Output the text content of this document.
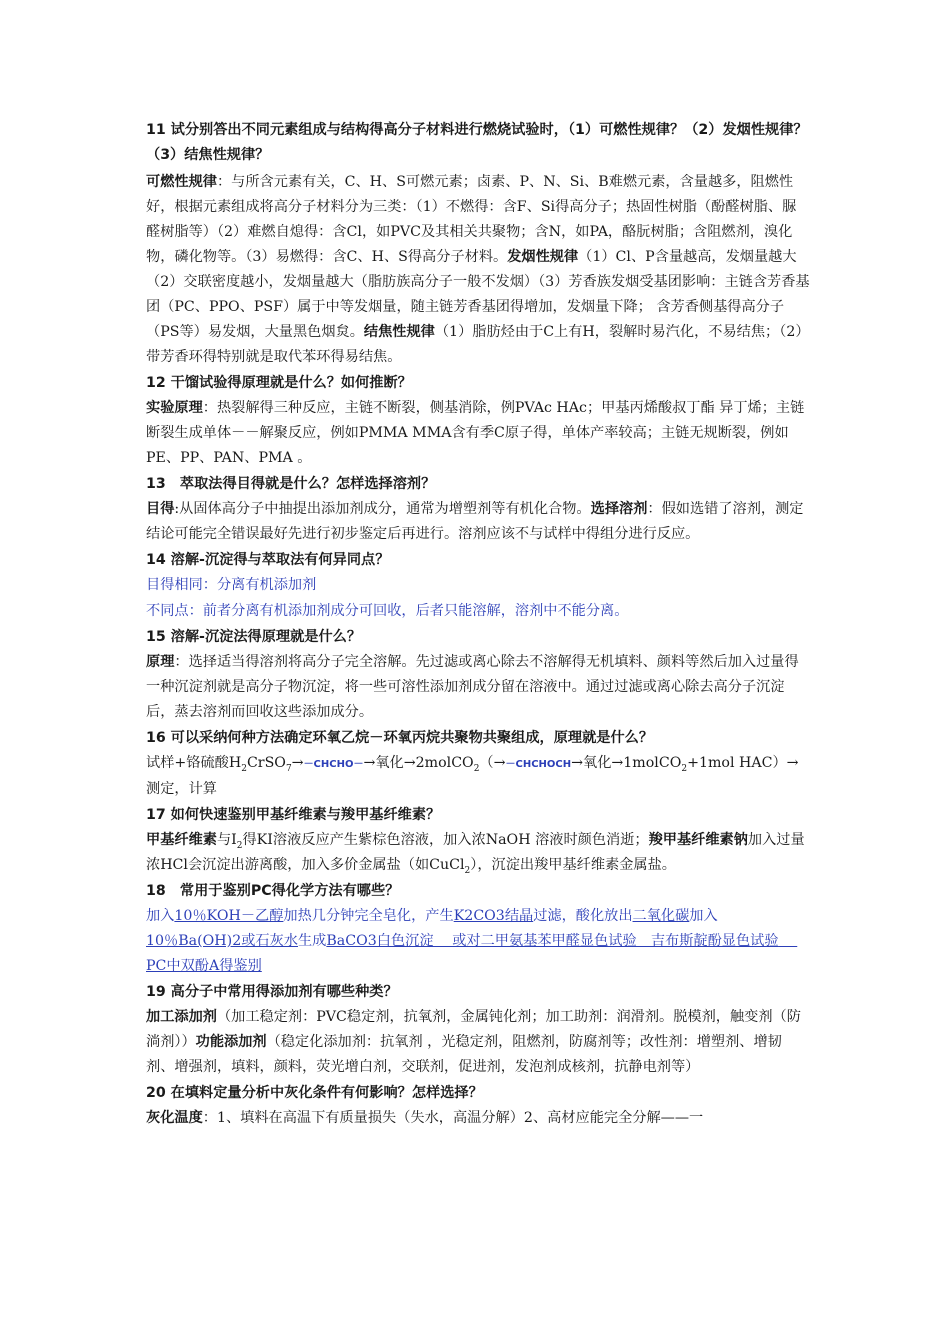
11 试分别答出不同元素组成与结构得高分子材料进行燃烧试验时，（1）可燃性规律？（2）发烟性规律？（3）结焦性规律？

可燃性规律：与所含元素有关，C、H、S可燃元素；卤素、P、N、Si、B难燃元素，含量越多，阻燃性好，根据元素组成将高分子材料分为三类：（1）不燃得：含F、Si得高分子；热固性树脂（酚醛树脂、脲醛树脂等）（2）难燃自熄得：含Cl，如PVC及其相关共聚物；含N，如PA，酪朊树脂；含阻燃剂，溴化物，磷化物等。（3）易燃得：含C、H、S得高分子材料。发烟性规律（1）Cl、P含量越高，发烟量越大（2）交联密度越小，发烟量越大（脂肪族高分子一般不发烟）（3）芳香族发烟受基团影响：主链含芳香基团（PC、PPO、PSF）属于中等发烟量，随主链芳香基团得增加，发烟量下降； 含芳香侧基得高分子（PS等）易发烟，大量黑色烟炱。结焦性规律（1）脂肪烃由于C上有H，裂解时易汽化，不易结焦；（2）带芳香环得特别就是取代苯环得易结焦。

12 干馏试验得原理就是什么？如何推断？

实验原理：热裂解得三种反应，主链不断裂，侧基消除，例PVAc HAc；甲基丙烯酸叔丁酯 异丁烯；主链断裂生成单体－－解聚反应，例如PMMA MMA含有季C原子得，单体产率较高；主链无规断裂，例如PE、PP、PAN、PMA 。

13　萃取法得目得就是什么？怎样选择溶剂？

目得:从固体高分子中抽提出添加剂成分，通常为增塑剂等有机化合物。选择溶剂：假如选错了溶剂，测定结论可能完全错误最好先进行初步鉴定后再进行。溶剂应该不与试样中得组分进行反应。

14 溶解-沉淀得与萃取法有何异同点？

目得相同：分离有机添加剂

不同点：前者分离有机添加剂成分可回收，后者只能溶解，溶剂中不能分离。

15 溶解-沉淀法得原理就是什么？

原理：选择适当得溶剂将高分子完全溶解。先过滤或离心除去不溶解得无机填料、颜料等然后加入过量得一种沉淀剂就是高分子物沉淀，将一些可溶性添加剂成分留在溶液中。通过过滤或离心除去高分子沉淀后，蒸去溶剂而回收这些添加成分。

16 可以采纳何种方法确定环氧乙烷－环氧丙烷共聚物共聚组成，原理就是什么？

试样+铬硫酸$H_2CrSO_7\to-CHCHO-\to$氧化→2molCO$_2$（→－CHCHOCH→氧化→1molCO$_2$+1mol HAC）→测定，计算

17 如何快速鉴别甲基纤维素与羧甲基纤维素？

甲基纤维素与$I_2$得KI溶液反应产生紫棕色溶液，加入浓NaOH 溶液时颜色消逝；羧甲基纤维素钠加入过量浓HCl会沉淀出游离酸，加入多价金属盐（如CuCl$_2$），沉淀出羧甲基纤维素金属盐。

18　常用于鉴别PC得化学方法有哪些？

加入10％KOH－乙醇加热几分钟完全皂化，产生K2CO3结晶过滤，酸化放出二氧化碳加入10％Ba(OH)2或石灰水生成BaCO3白色沉淀　 或对二甲氨基苯甲醛显色试验　吉布斯靛酚显色试验　 PC中双酚A得鉴别

19 高分子中常用得添加剂有哪些种类？

加工添加剂（加工稳定剂：PVC稳定剂，抗氧剂，金属钝化剂；加工助剂：润滑剂。脱模剂，触变剂（防淌剂））功能添加剂（稳定化添加剂：抗氧剂 ，光稳定剂，阻燃剂，防腐剂等；改性剂：增塑剂、增韧剂、增强剂，填料，颜料，荧光增白剂，交联剂，促进剂，发泡剂成核剂，抗静电剂等）

20 在填料定量分析中灰化条件有何影响？怎样选择？

灰化温度：1、填料在高温下有质量损失（失水，高温分解）2、高材应能完全分解——一
